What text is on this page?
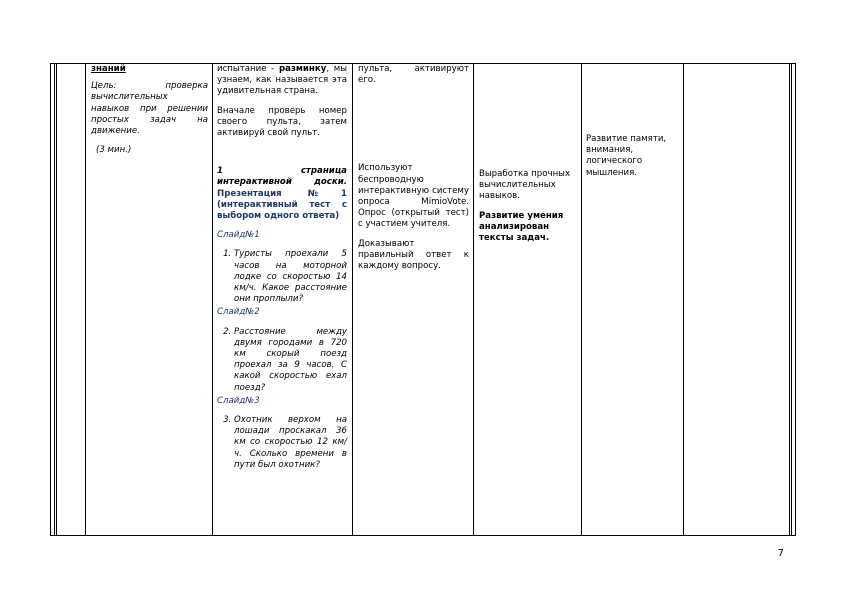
знаний

Цель: проверка вычислительных навыков при решении простых задач на движение.

(3 мин.)

испытание - разминку, мы узнаем, как называется эта удивительная страна.

Вначале проверь номер своего пульта, затем активируй свой пульт.

1 страница интерактивной доски. Презентация №1 (интерактивный тест с выбором одного ответа)

Слайд№1

1. Туристы проехали 5 часов на моторной лодке со скоростью 14 км/ч. Какое расстояние они проплыли?

Слайд№2

2. Расстояние между двумя городами в 720 км скорый поезд проехал за 9 часов. С какой скоростью ехал поезд?

Слайд№3

3. Охотник верхом на лошади проскакал 36 км со скоростью 12 км/ч. Сколько времени в пути был охотник?

пульта, активируют его.

Используют беспроводную интерактивную систему опроса MimioVote. Опрос (открытый тест) с участием учителя.

Доказывают правильный ответ к каждому вопросу.

Выработка прочных вычислительных навыков.

Развитие умения анализирован тексты задач.

Развитие памяти, внимания, логического мышления.

7
